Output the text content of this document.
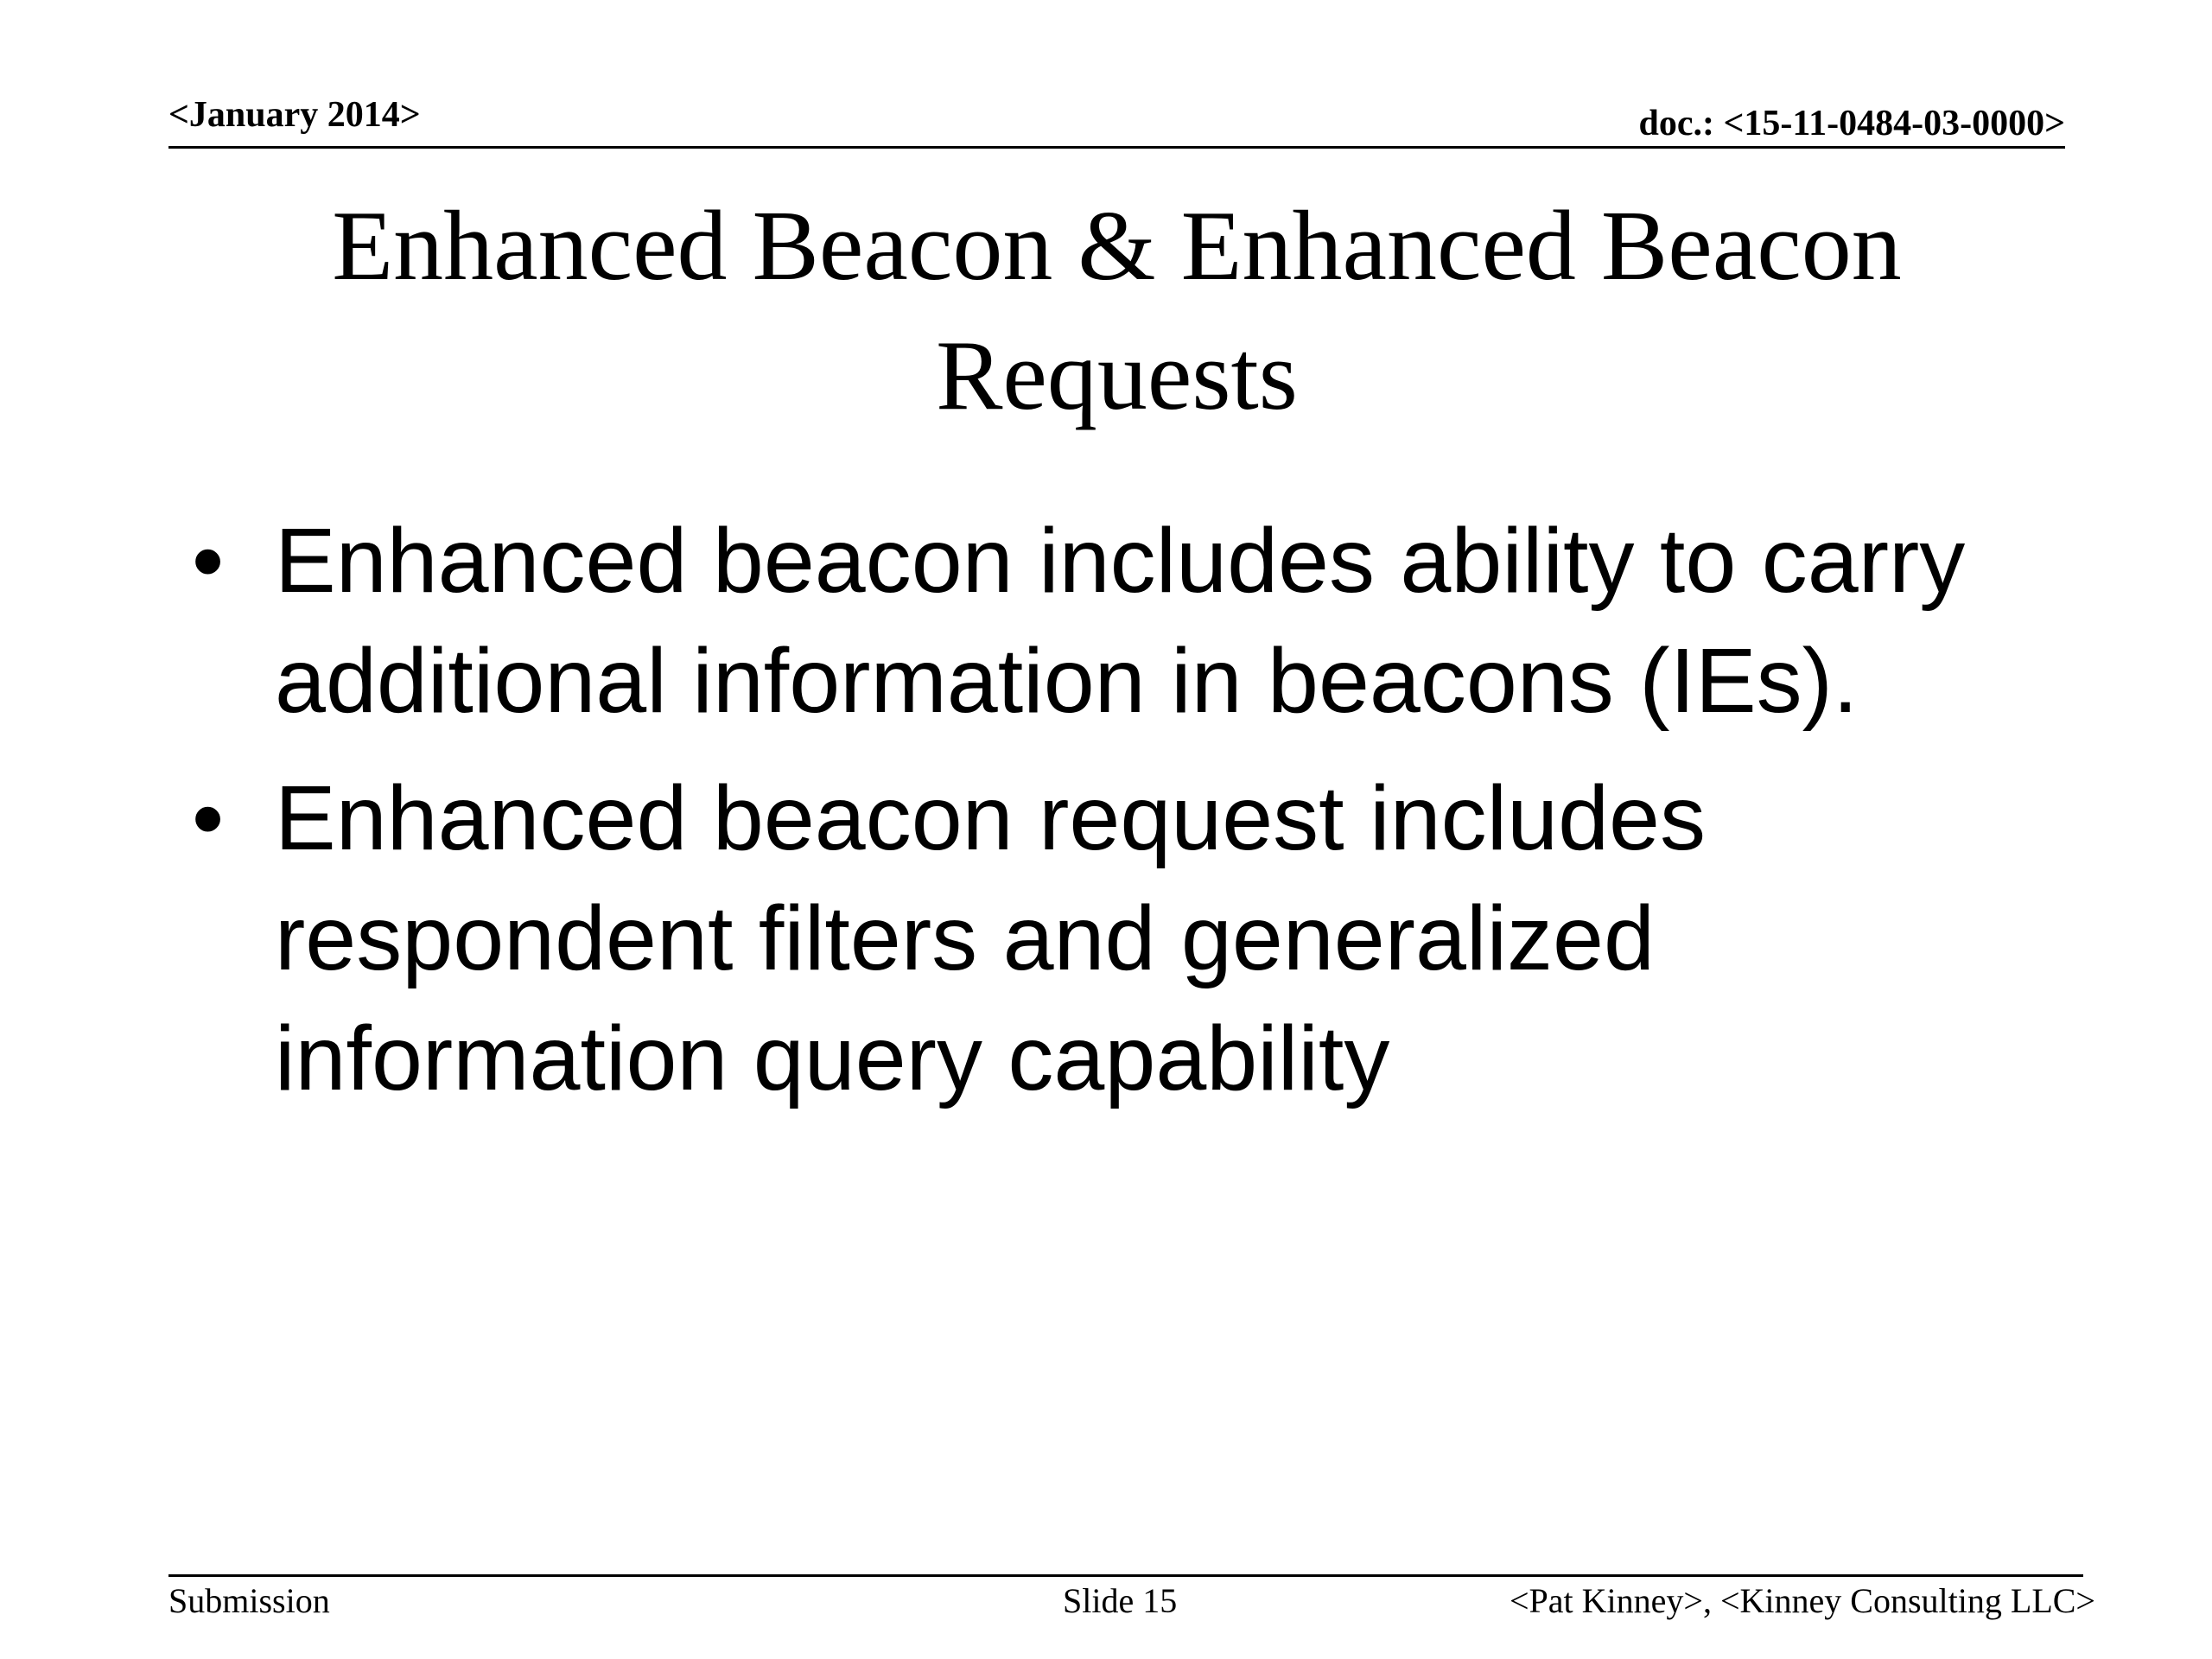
<January 2014>	doc.: <15-11-0484-03-0000>
Enhanced Beacon & Enhanced Beacon Requests
• Enhanced beacon includes ability to carry additional information in beacons (IEs).
• Enhanced beacon request includes respondent filters and generalized information query capability
Submission	Slide 15	<Pat Kinney>, <Kinney Consulting LLC>
